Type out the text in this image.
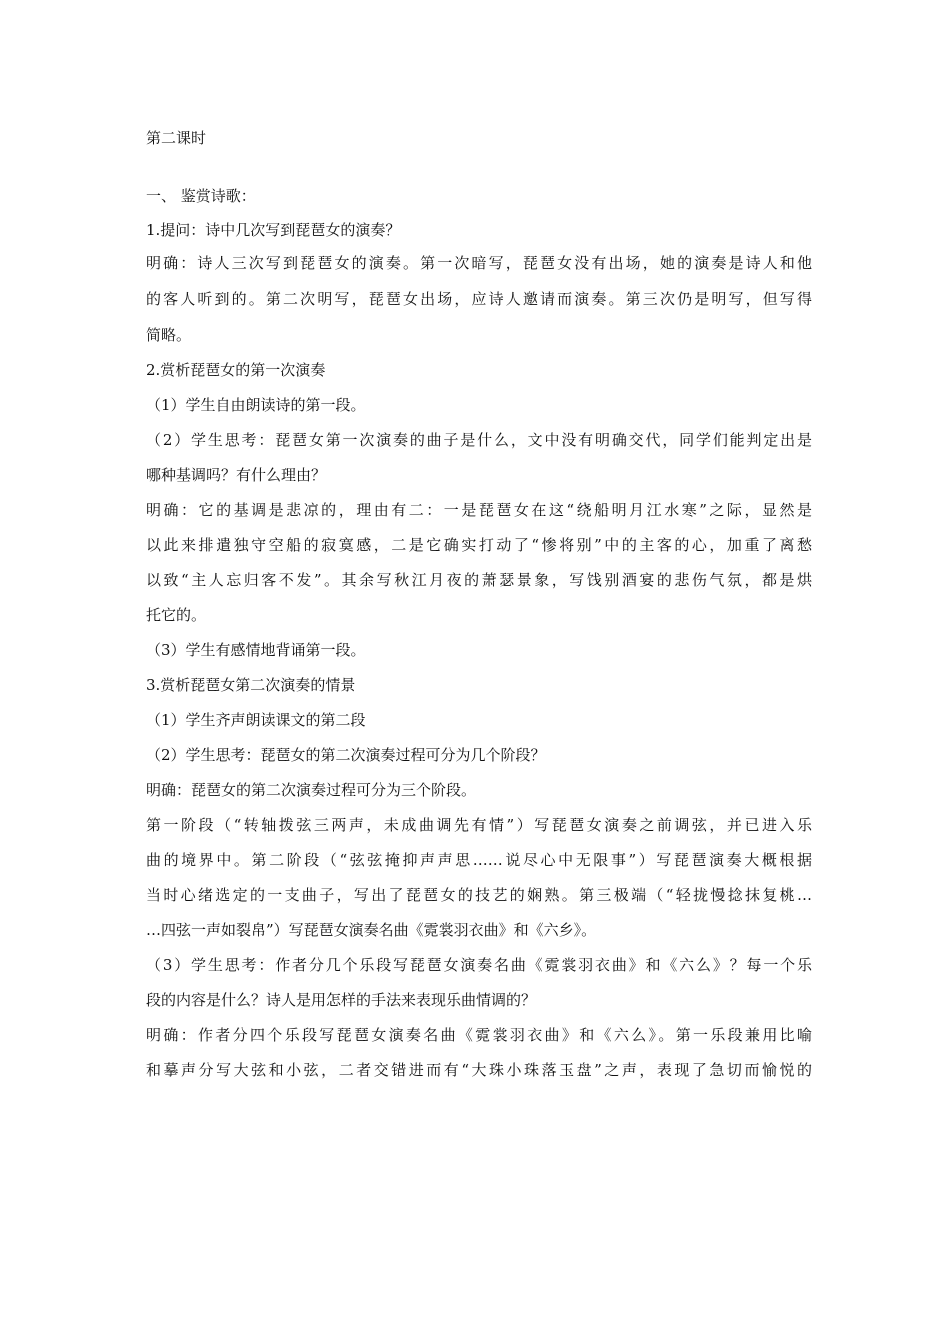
第二课时
一、 鉴赏诗歌：
1.提问：诗中几次写到琵琶女的演奏？
明确：诗人三次写到琵琶女的演奏。第一次暗写，琵琶女没有出场，她的演奏是诗人和他
的客人听到的。第二次明写，琵琶女出场，应诗人邀请而演奏。第三次仍是明写，但写得
简略。
2.赏析琵琶女的第一次演奏
（1）学生自由朗读诗的第一段。
（2）学生思考：琵琶女第一次演奏的曲子是什么，文中没有明确交代，同学们能判定出是
哪种基调吗？有什么理由？
明确：它的基调是悲凉的，理由有二：一是琵琶女在这“绕船明月江水寒”之际，显然是
以此来排遣独守空船的寂寞感，二是它确实打动了“惨将别”中的主客的心，加重了离愁
以致“主人忘归客不发”。其余写秋江月夜的萧瑟景象，写饯别酒宴的悲伤气氛，都是烘
托它的。
（3）学生有感情地背诵第一段。
3.赏析琵琶女第二次演奏的情景
（1）学生齐声朗读课文的第二段
（2）学生思考：琵琶女的第二次演奏过程可分为几个阶段？
明确：琵琶女的第二次演奏过程可分为三个阶段。
第一阶段（“转轴拨弦三两声，未成曲调先有情”）写琵琶女演奏之前调弦，并已进入乐
曲的境界中。第二阶段（“弦弦掩抑声声思……说尽心中无限事”）写琵琶演奏大概根据
当时心绪选定的一支曲子，写出了琵琶女的技艺的娴熟。第三极端（“轻拢慢捻抹复桃…
…四弦一声如裂帛”）写琵琶女演奏名曲《霓裳羽衣曲》和《六乡》。
（3）学生思考：作者分几个乐段写琵琶女演奏名曲《霓裳羽衣曲》和《六么》？每一个乐
段的内容是什么？诗人是用怎样的手法来表现乐曲情调的？
明确：作者分四个乐段写琵琶女演奏名曲《霓裳羽衣曲》和《六么》。第一乐段兼用比喻
和摹声分写大弦和小弦，二者交错进而有“大珠小珠落玉盘”之声，表现了急切而愉悦的
